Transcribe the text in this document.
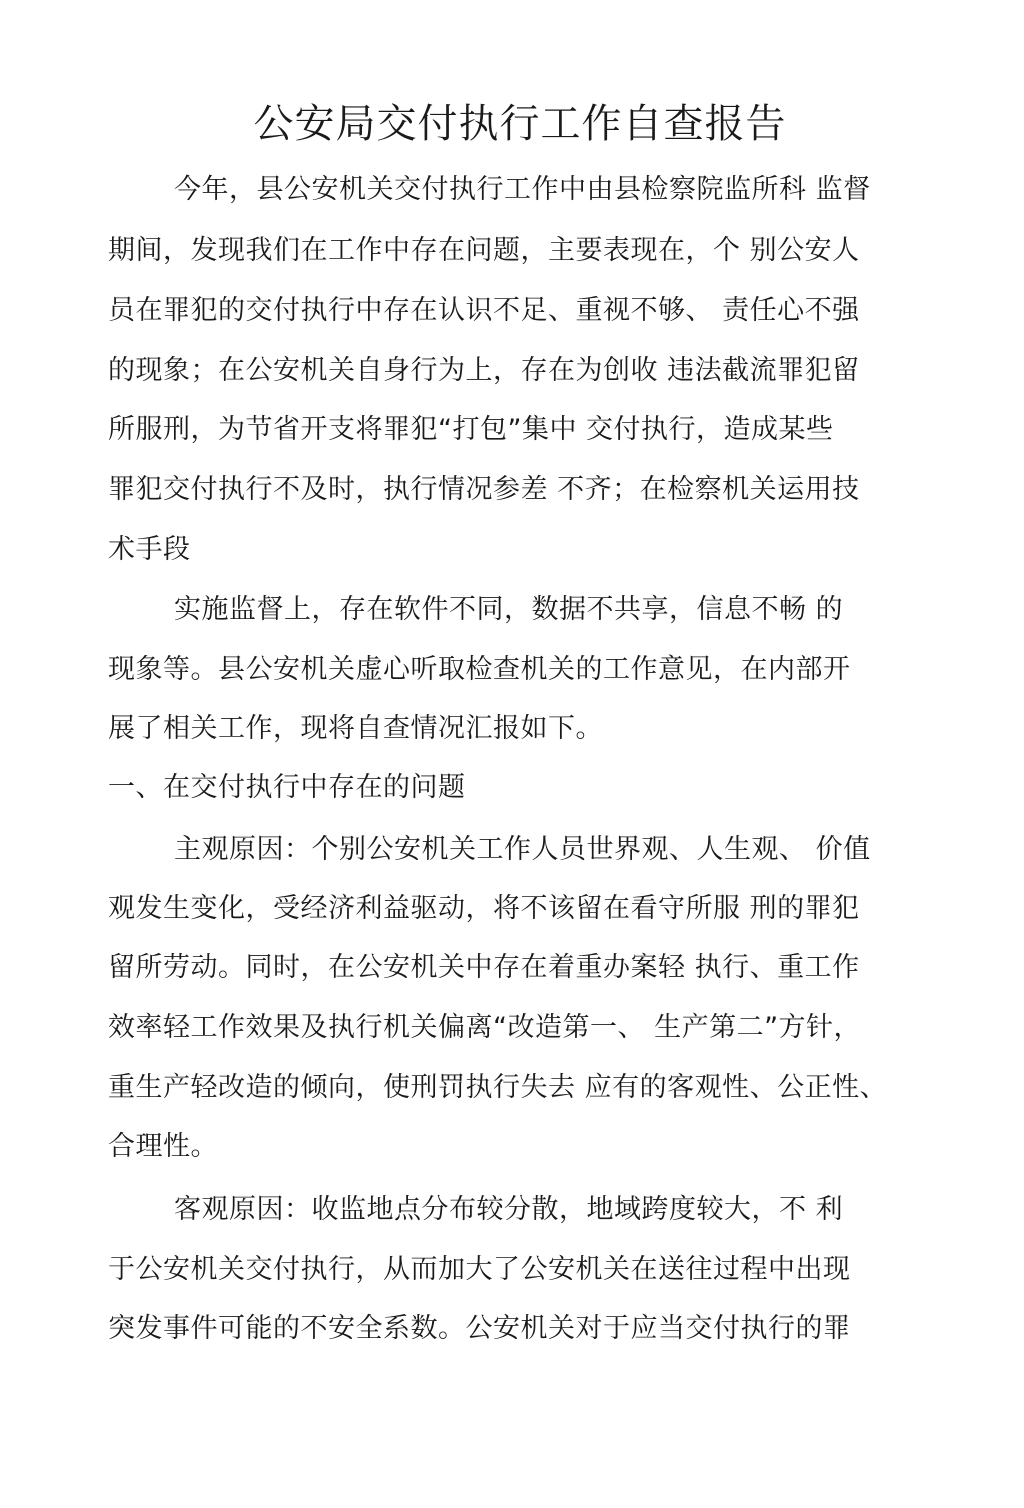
公安局交付执行工作自查报告
今年，县公安机关交付执行工作中由县检察院监所科 监督
期间，发现我们在工作中存在问题，主要表现在，个 别公安人
员在罪犯的交付执行中存在认识不足、重视不够、 责任心不强
的现象；在公安机关自身行为上，存在为创收 违法截流罪犯留
所服刑，为节省开支将罪犯“打包”集中 交付执行，造成某些
罪犯交付执行不及时，执行情况参差 不齐；在检察机关运用技
术手段
实施监督上，存在软件不同，数据不共享，信息不畅 的
现象等。县公安机关虚心听取检查机关的工作意见，在内部开
展了相关工作，现将自查情况汇报如下。
一、在交付执行中存在的问题
主观原因：个别公安机关工作人员世界观、人生观、 价值
观发生变化，受经济利益驱动，将不该留在看守所服 刑的罪犯
留所劳动。同时，在公安机关中存在着重办案轻 执行、重工作
效率轻工作效果及执行机关偏离“改造第一、 生产第二”方针，
重生产轻改造的倾向，使刑罚执行失去 应有的客观性、公正性、
合理性。
客观原因：收监地点分布较分散，地域跨度较大，不 利
于公安机关交付执行，从而加大了公安机关在送往过程中出现
突发事件可能的不安全系数。公安机关对于应当交付执行的罪
